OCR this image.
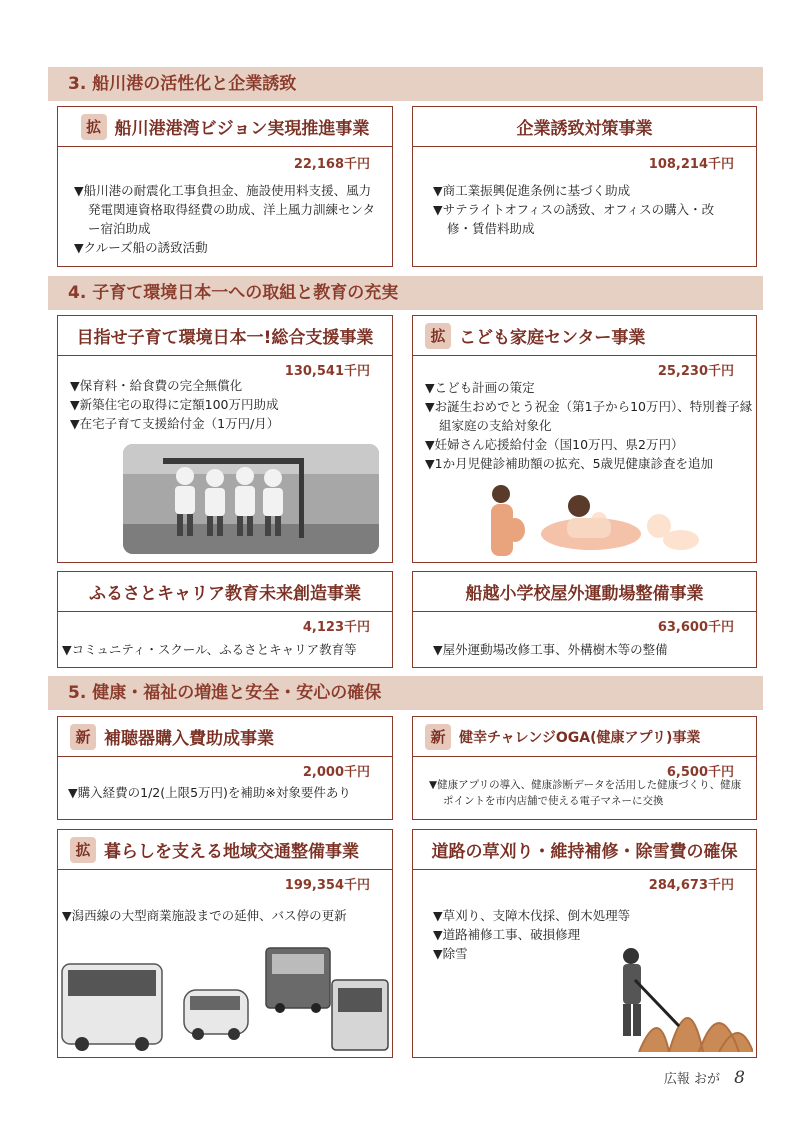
3. 船川港の活性化と企業誘致
拡 船川港港湾ビジョン実現推進事業
22,168千円
▼船川港の耐震化工事負担金、施設使用料支援、風力発電関連資格取得経費の助成、洋上風力訓練センター宿泊助成
▼クルーズ船の誘致活動
企業誘致対策事業
108,214千円
▼商工業振興促進条例に基づく助成
▼サテライトオフィスの誘致、オフィスの購入・改修・賃借料助成
4. 子育て環境日本一への取組と教育の充実
目指せ子育て環境日本一!総合支援事業
130,541千円
▼保育料・給食費の完全無償化
▼新築住宅の取得に定額100万円助成
▼在宅子育て支援給付金（1万円/月）
拡 こども家庭センター事業
25,230千円
▼こども計画の策定
▼お誕生おめでとう祝金（第1子から10万円）、特別養子縁組家庭の支給対象化
▼妊婦さん応援給付金（国10万円、県2万円）
▼1か月児健診補助額の拡充、5歳児健康診査を追加
ふるさとキャリア教育未来創造事業
4,123千円
▼コミュニティ・スクール、ふるさとキャリア教育等
船越小学校屋外運動場整備事業
63,600千円
▼屋外運動場改修工事、外構樹木等の整備
5. 健康・福祉の増進と安全・安心の確保
新 補聴器購入費助成事業
2,000千円
▼購入経費の1/2(上限5万円)を補助※対象要件あり
新 健幸チャレンジOGA(健康アプリ)事業
6,500千円
▼健康アプリの導入、健康診断データを活用した健康づくり、健康ポイントを市内店舗で使える電子マネーに交換
拡 暮らしを支える地域交通整備事業
199,354千円
▼潟西線の大型商業施設までの延伸、バス停の更新
道路の草刈り・維持補修・除雪費の確保
284,673千円
▼草刈り、支障木伐採、倒木処理等
▼道路補修工事、破損修理
▼除雪
広報 おが 8
